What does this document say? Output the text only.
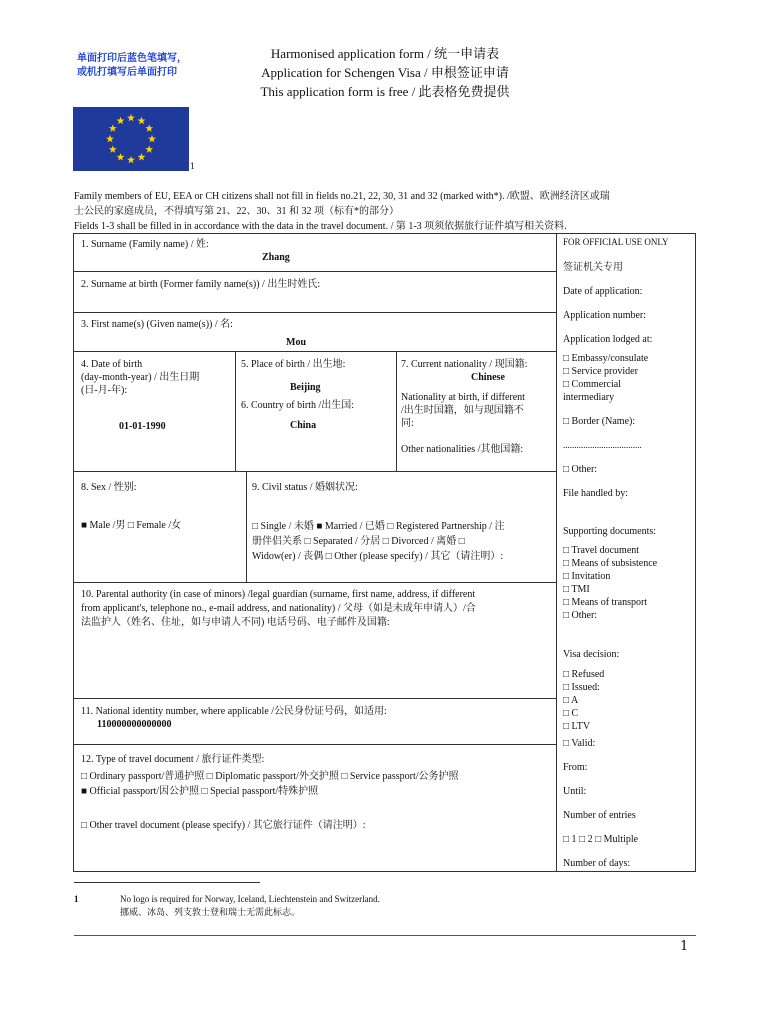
单面打印后蓝色笔填写，
或机打填写后单面打印
Harmonised application form / 统一申请表
Application for Schengen Visa / 申根签证申请
This application form is free / 此表格免费提供
1
Family members of EU, EEA or CH citizens shall not fill in fields no.21, 22, 30, 31 and 32 (marked with*). /欧盟、欧洲经济区或瑞
士公民的家庭成员，不得填写第 21、22、30、31 和 32 项（标有*的部分）
Fields 1-3 shall be filled in in accordance with the data in the travel document. / 第 1-3 项须依据旅行证件填写相关资料.
1. Surname (Family name) / 姓:
Zhang
2. Surname at birth (Former family name(s)) / 出生时姓氏:
3. First name(s) (Given name(s)) / 名:
Mou
4. Date of birth
(day-month-year) / 出生日期
(日-月-年):
01-01-1990
5. Place of birth / 出生地:
Beijing
6. Country of birth /出生国:
China
7. Current nationality / 现国籍:
Chinese
Nationality at birth, if different
/出生时国籍，如与现国籍不
同:
Other nationalities /其他国籍:
8. Sex / 性别:
■ Male /男 □ Female /女
9. Civil status / 婚姻状况:
□ Single / 未婚 ■ Married / 已婚 □ Registered Partnership / 注
册伴侣关系 □ Separated / 分居 □ Divorced / 离婚 □
Widow(er) / 丧偶 □ Other (please specify) / 其它（请注明）:
10. Parental authority (in case of minors) /legal guardian (surname, first name, address, if different
from applicant's, telephone no., e-mail address, and nationality) / 父母（如是未成年申请人）/合
法监护人（姓名、住址，如与申请人不同) 电话号码、电子邮件及国籍:
11. National identity number, where applicable /公民身份证号码，如适用:
110000000000000
12. Type of travel document / 旅行证件类型:
□ Ordinary passport/普通护照 □ Diplomatic passport/外交护照 □ Service passport/公务护照
■ Official passport/因公护照 □ Special passport/特殊护照
□ Other travel document (please specify) / 其它旅行证件（请注明）:
FOR OFFICIAL USE ONLY
签证机关专用
Date of application:
Application number:
Application lodged at:
□ Embassy/consulate
□ Service provider
□ Commercial
intermediary
□ Border (Name):
...................................
□ Other:
File handled by:
Supporting documents:
□ Travel document
□ Means of subsistence
□ Invitation
□ TMI
□ Means of transport
□ Other:
Visa decision:
□ Refused
□ Issued:
□ A
□ C
□ LTV
□ Valid:
From:
Until:
Number of entries
□ 1 □ 2 □ Multiple
Number of days:
1	No logo is required for Norway, Iceland, Liechtenstein and Switzerland.
挪威、冰岛、列支敦士登和瑞士无需此标志。
1
